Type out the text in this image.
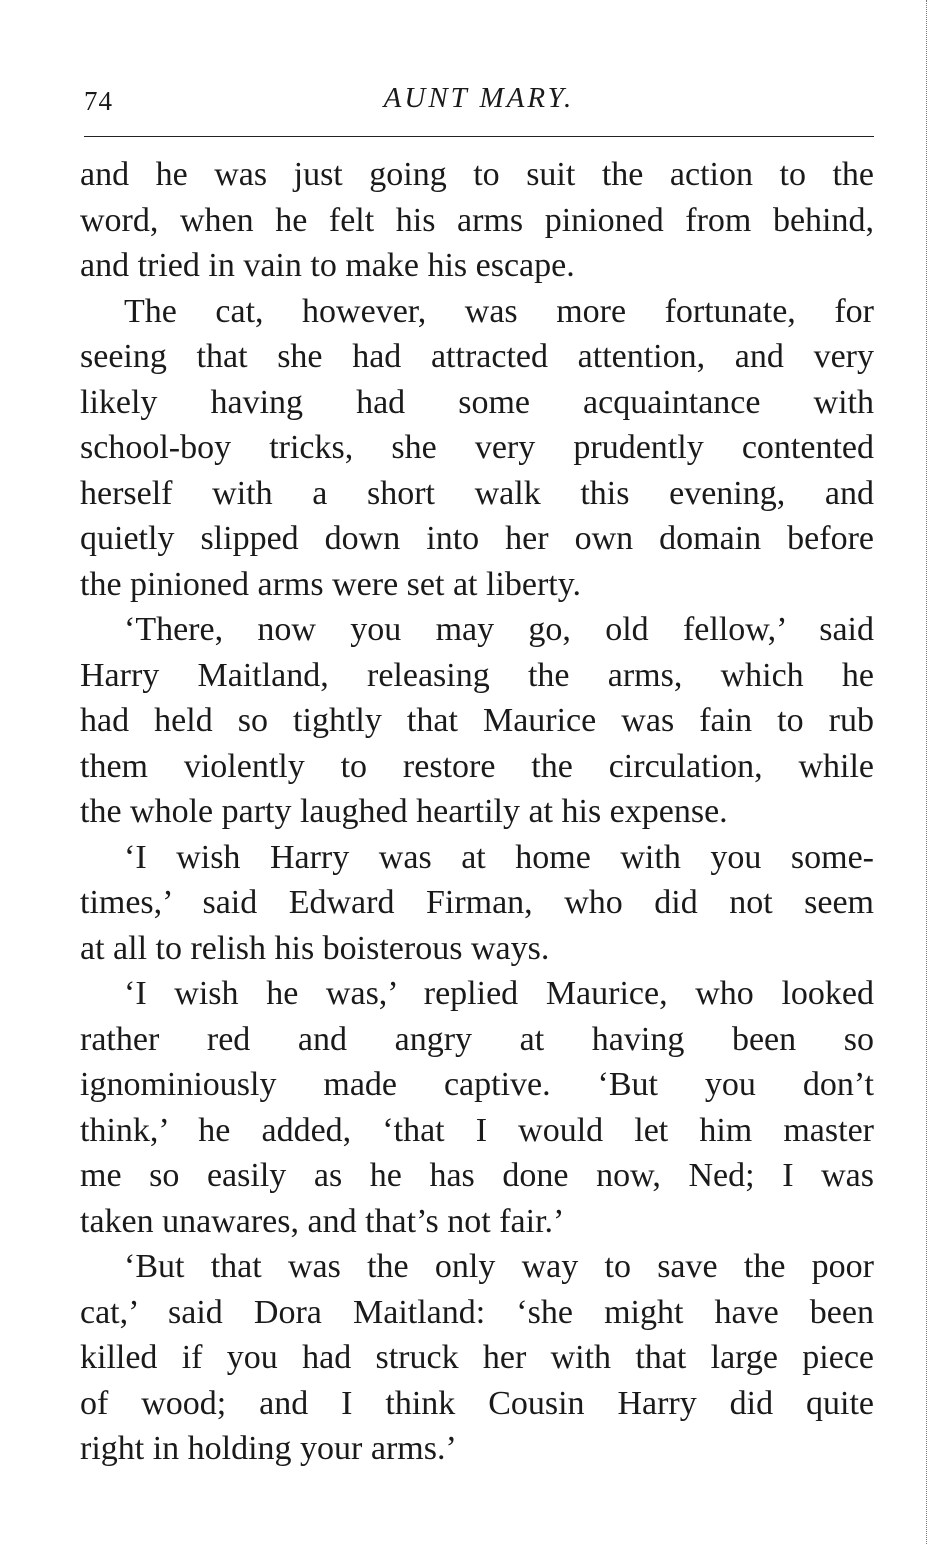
74	AUNT MARY.
and he was just going to suit the action to the
word, when he felt his arms pinioned from behind,
and tried in vain to make his escape.
The cat, however, was more fortunate, for
seeing that she had attracted attention, and very
likely having had some acquaintance with
school-boy tricks, she very prudently contented
herself with a short walk this evening, and
quietly slipped down into her own domain before
the pinioned arms were set at liberty.
‘There, now you may go, old fellow,’ said
Harry Maitland, releasing the arms, which he
had held so tightly that Maurice was fain to rub
them violently to restore the circulation, while
the whole party laughed heartily at his expense.
‘I wish Harry was at home with you some-
times,’ said Edward Firman, who did not seem
at all to relish his boisterous ways.
‘I wish he was,’ replied Maurice, who looked
rather red and angry at having been so
ignominiously made captive. ‘But you don’t
think,’ he added, ‘that I would let him master
me so easily as he has done now, Ned; I was
taken unawares, and that’s not fair.’
‘But that was the only way to save the poor
cat,’ said Dora Maitland: ‘she might have been
killed if you had struck her with that large piece
of wood; and I think Cousin Harry did quite
right in holding your arms.’
